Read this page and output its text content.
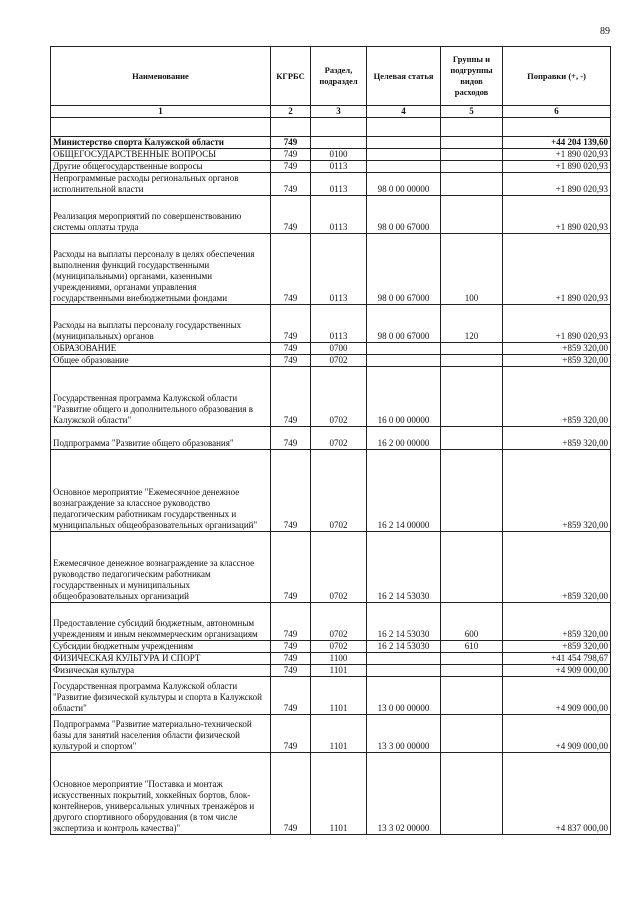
89
Наименование	КГРБС	Раздел, подраздел	Целевая статья	Группы и подгруппы видов расходов	Поправки (+, -)
1	2	3	4	5	6

Министерство спорта Калужской области	749				+44 204 139,60
ОБЩЕГОСУДАРСТВЕННЫЕ ВОПРОСЫ	749	0100			+1 890 020,93
Другие общегосударственные вопросы	749	0113			+1 890 020,93
Непрограммные расходы региональных органов исполнительной власти	749	0113	98 0 00 00000		+1 890 020,93
Реализация мероприятий по совершенствованию системы оплаты труда	749	0113	98 0 00 67000		+1 890 020,93
Расходы на выплаты персоналу в целях обеспечения выполнения функций государственными (муниципальными) органами, казенными учреждениями, органами управления государственными внебюджетными фондами	749	0113	98 0 00 67000	100	+1 890 020,93
Расходы на выплаты персоналу государственных (муниципальных) органов	749	0113	98 0 00 67000	120	+1 890 020,93
ОБРАЗОВАНИЕ	749	0700			+859 320,00
Общее образование	749	0702			+859 320,00
Государственная программа Калужской области "Развитие общего и дополнительного образования в Калужской области"	749	0702	16 0 00 00000		+859 320,00
Подпрограмма "Развитие общего образования"	749	0702	16 2 00 00000		+859 320,00
Основное мероприятие "Ежемесячное денежное вознаграждение за классное руководство педагогическим работникам государственных и муниципальных общеобразовательных организаций"	749	0702	16 2 14 00000		+859 320,00
Ежемесячное денежное вознаграждение за классное руководство педагогическим работникам государственных и муниципальных общеобразовательных организаций	749	0702	16 2 14 53030		+859 320,00
Предоставление субсидий бюджетным, автономным учреждениям и иным некоммерческим организациям	749	0702	16 2 14 53030	600	+859 320,00
Субсидии бюджетным учреждениям	749	0702	16 2 14 53030	610	+859 320,00
ФИЗИЧЕСКАЯ КУЛЬТУРА И СПОРТ	749	1100			+41 454 798,67
Физическая культура	749	1101			+4 909 000,00
Государственная программа Калужской области "Развитие физической культуры и спорта в Калужской области"	749	1101	13 0 00 00000		+4 909 000,00
Подпрограмма "Развитие материально-технической базы для занятий населения области физической культурой и спортом"	749	1101	13 3 00 00000		+4 909 000,00
Основное мероприятие "Поставка и монтаж искусственных покрытий, хоккейных бортов, блок-контейнеров, универсальных уличных тренажёров и другого спортивного оборудования (в том числе экспертиза и контроль качества)"	749	1101	13 3 02 00000		+4 837 000,00
